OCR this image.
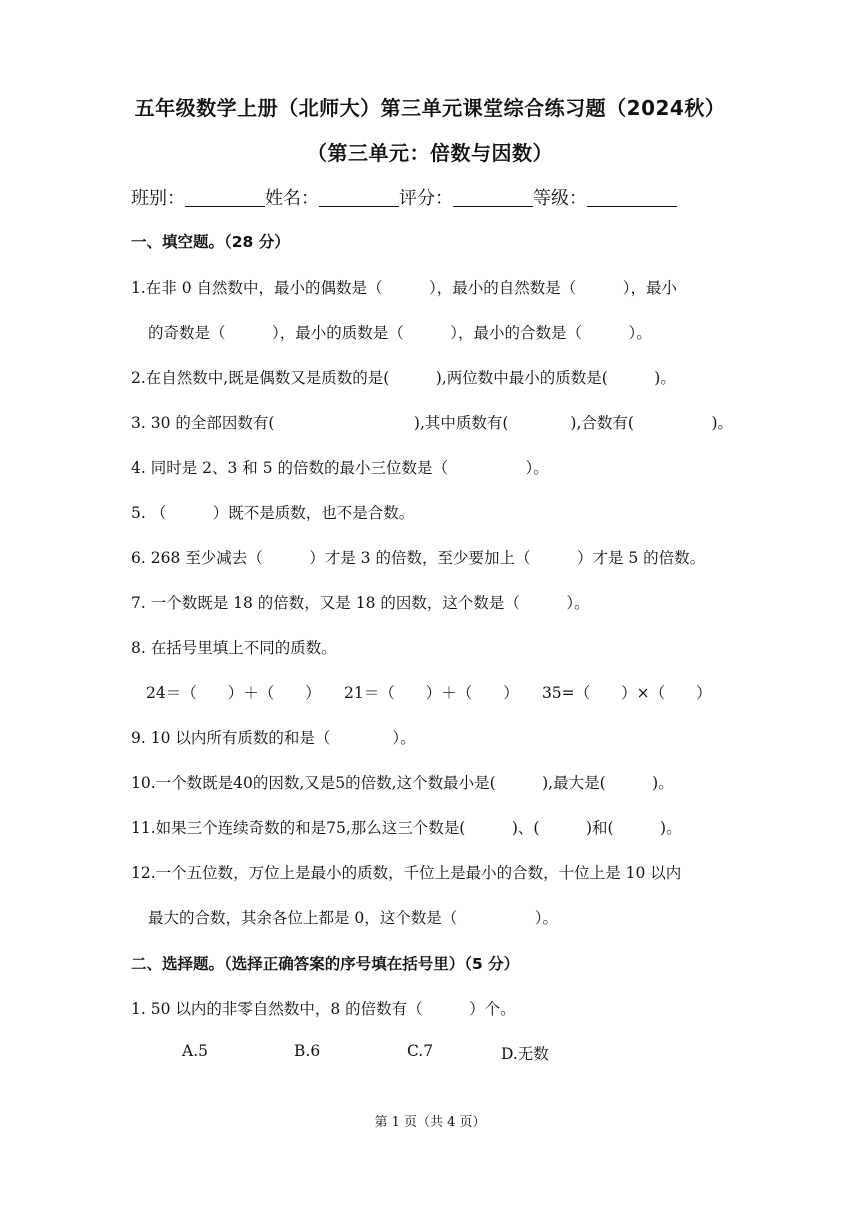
五年级数学上册（北师大）第三单元课堂综合练习题（2024秋）
（第三单元：倍数与因数）
班别：	姓名：	评分：	等级：
一、填空题。（28 分）
1.在非 0 自然数中，最小的偶数是（　　　），最小的自然数是（　　　），最小
的奇数是（　　　），最小的质数是（　　　），最小的合数是（　　　）。
2.在自然数中,既是偶数又是质数的是(　　　),两位数中最小的质数是(　　　)。
3. 30 的全部因数有(　　　　　　　　　),其中质数有(　　　　),合数有(　　　　　)。
4. 同时是 2、3 和 5 的倍数的最小三位数是（　　　　　）。
5. （　　　）既不是质数，也不是合数。
6. 268 至少减去（　　　）才是 3 的倍数，至少要加上（　　　）才是 5 的倍数。
7. 一个数既是 18 的倍数，又是 18 的因数，这个数是（　　　）。
8. 在括号里填上不同的质数。
24＝（　　）＋（　　）　　21＝（　　）＋（　　）　　35=（　　）×（　　）
9. 10 以内所有质数的和是（　　　　）。
10.一个数既是40的因数,又是5的倍数,这个数最小是(　　　),最大是(　　　)。
11.如果三个连续奇数的和是75,那么这三个数是(　　　)、(　　　)和(　　　)。
12.一个五位数，万位上是最小的质数，千位上是最小的合数，十位上是 10 以内
最大的合数，其余各位上都是 0，这个数是（　　　　　）。
二、选择题。（选择正确答案的序号填在括号里）（5 分）
1. 50 以内的非零自然数中，8 的倍数有（　　　）个。
A.5	B.6	C.7	D.无数
第 1 页（共 4 页）
